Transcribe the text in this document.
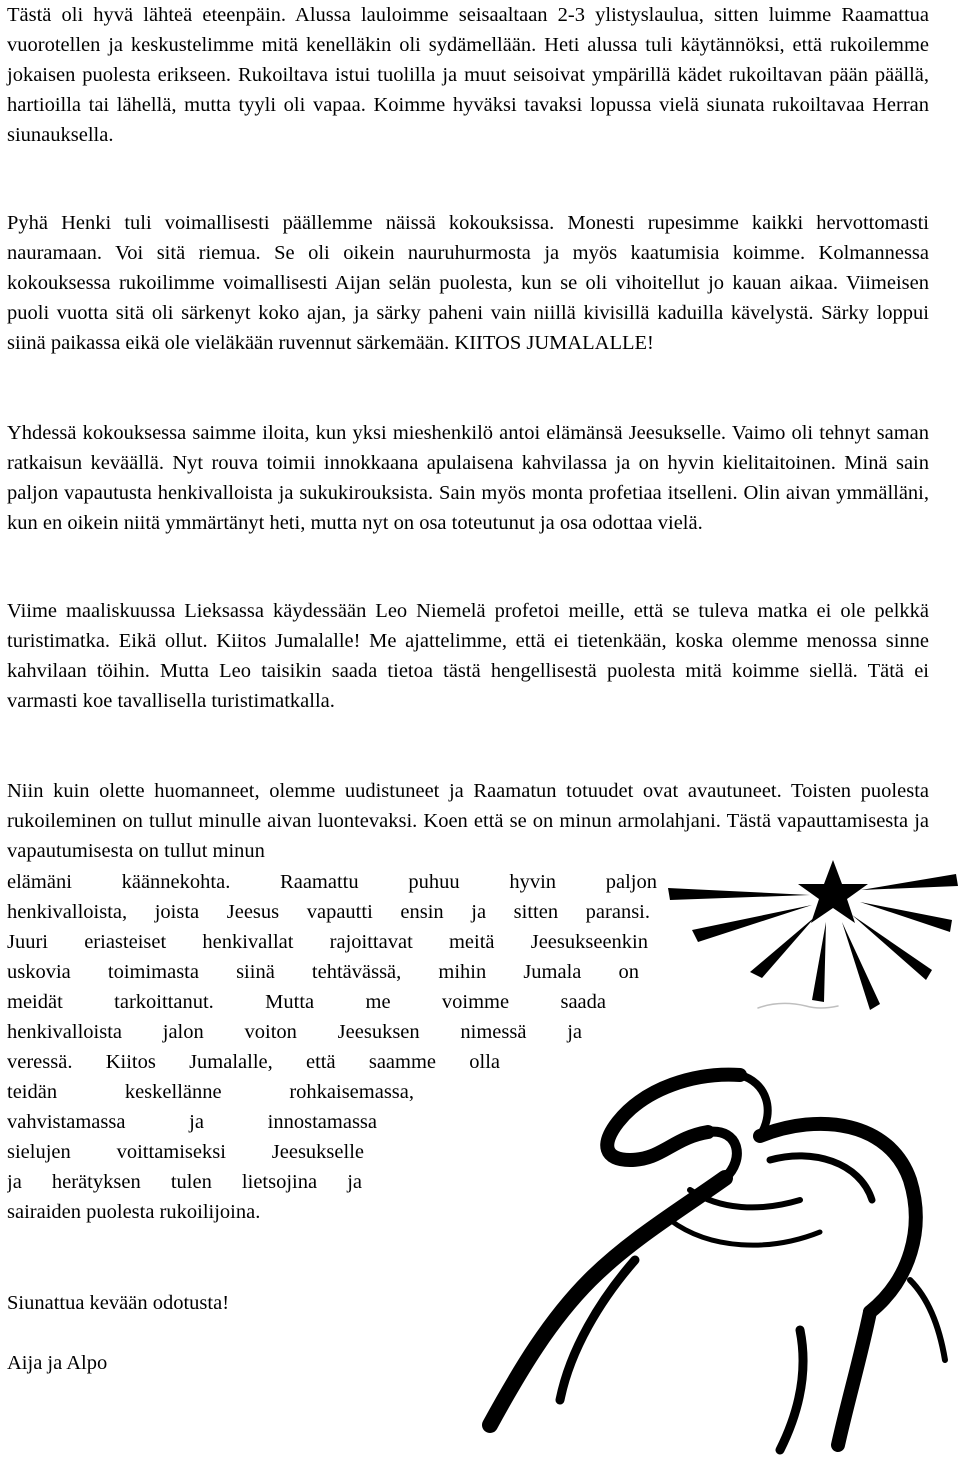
Tästä oli hyvä lähteä eteenpäin. Alussa lauloimme seisaaltaan 2-3 ylistyslaulua, sitten luimme Raamattua vuorotellen ja keskustelimme mitä kenelläkin oli sydämellään. Heti alussa tuli käytännöksi, että rukoilemme jokaisen puolesta erikseen. Rukoiltava istui tuolilla ja muut seisoivat ympärillä kädet rukoiltavan pään päällä, hartioilla tai lähellä, mutta tyyli oli vapaa. Koimme hyväksi tavaksi lopussa vielä siunata rukoiltavaa Herran siunauksella.

Pyhä Henki tuli voimallisesti päällemme näissä kokouksissa. Monesti rupesimme kaikki hervottomasti nauramaan. Voi sitä riemua. Se oli oikein nauruhurmosta ja myös kaatumisia koimme. Kolmannessa kokouksessa rukoilimme voimallisesti Aijan selän puolesta, kun se oli vihoitellut jo kauan aikaa. Viimeisen puoli vuotta sitä oli särkenyt koko ajan, ja särky paheni vain niillä kivisillä kaduilla kävelystä. Särky loppui siinä paikassa eikä ole vieläkään ruvennut särkemään. KIITOS JUMALALLE!

Yhdessä kokouksessa saimme iloita, kun yksi mieshenkilö antoi elämänsä Jeesukselle. Vaimo oli tehnyt saman ratkaisun keväällä. Nyt rouva toimii innokkaana apulaisena kahvilassa ja on hyvin kielitaitoinen. Minä sain paljon vapautusta henkivalloista ja sukukirouksista. Sain myös monta profetiaa itselleni. Olin aivan ymmälläni, kun en oikein niitä ymmärtänyt heti, mutta nyt on osa toteutunut ja osa odottaa vielä.

Viime maaliskuussa Lieksassa käydessään Leo Niemelä profetoi meille, että se tuleva matka ei ole pelkkä turistimatka. Eikä ollut. Kiitos Jumalalle! Me ajattelimme, että ei tietenkään, koska olemme menossa sinne kahvilaan töihin. Mutta Leo taisikin saada tietoa tästä hengellisestä puolesta mitä koimme siellä. Tätä ei varmasti koe tavallisella turistimatkalla.

Niin kuin olette huomanneet, olemme uudistuneet ja Raamatun totuudet ovat avautuneet. Toisten puolesta rukoileminen on tullut minulle aivan luontevaksi. Koen että se on minun armolahjani. Tästä vapauttamisesta ja vapautumisesta on tullut minun

elämäni käännekohta. Raamattu puhuu hyvin paljon
henkivalloista, joista Jeesus vapautti ensin ja sitten paransi.
Juuri eriasteiset henkivallat rajoittavat meitä Jeesukseenkin
uskovia toimimasta siinä tehtävässä, mihin Jumala on
meidät tarkoittanut. Mutta me voimme saada
henkivalloista jalon voiton Jeesuksen nimessä ja
veressä. Kiitos Jumalalle, että saamme olla
teidän keskellänne rohkaisemassa,
vahvistamassa ja innostamassa
sielujen voittamiseksi Jeesukselle
ja herätyksen tulen lietsojina ja
sairaiden puolesta rukoilijoina.

Siunattua kevään odotusta!

Aija ja Alpo
